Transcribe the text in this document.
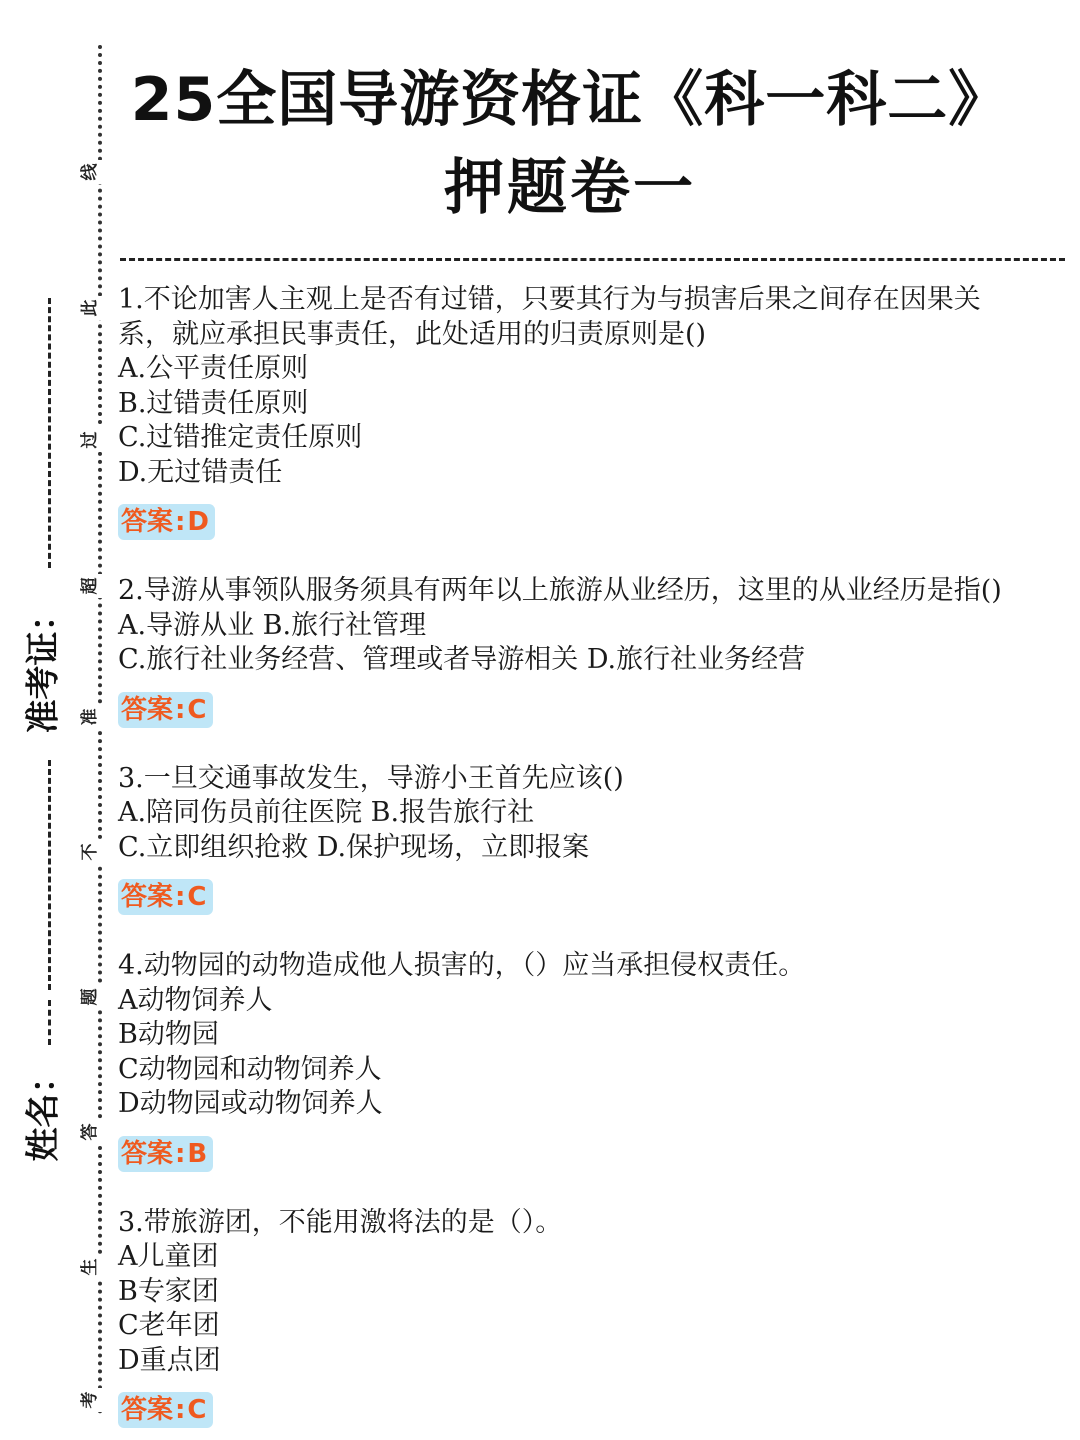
线
此
过
超
准
不
题
答
生
考
准考证：
姓名：
25全国导游资格证《科一科二》
押题卷一
1.不论加害人主观上是否有过错，只要其行为与损害后果之间存在因果关
系，就应承担民事责任，此处适用的归责原则是()
A.公平责任原则
B.过错责任原则
C.过错推定责任原则
D.无过错责任
答案:D
2.导游从事领队服务须具有两年以上旅游从业经历，这里的从业经历是指()
A.导游从业 B.旅行社管理
C.旅行社业务经营、管理或者导游相关 D.旅行社业务经营
答案:C
3.一旦交通事故发生，导游小王首先应该()
A.陪同伤员前往医院 B.报告旅行社
C.立即组织抢救 D.保护现场，立即报案
答案:C
4.动物园的动物造成他人损害的，（）应当承担侵权责任。
A动物饲养人
B动物园
C动物园和动物饲养人
D动物园或动物饲养人
答案:B
3.带旅游团，不能用激将法的是（）。
A儿童团
B专家团
C老年团
D重点团
答案:C
